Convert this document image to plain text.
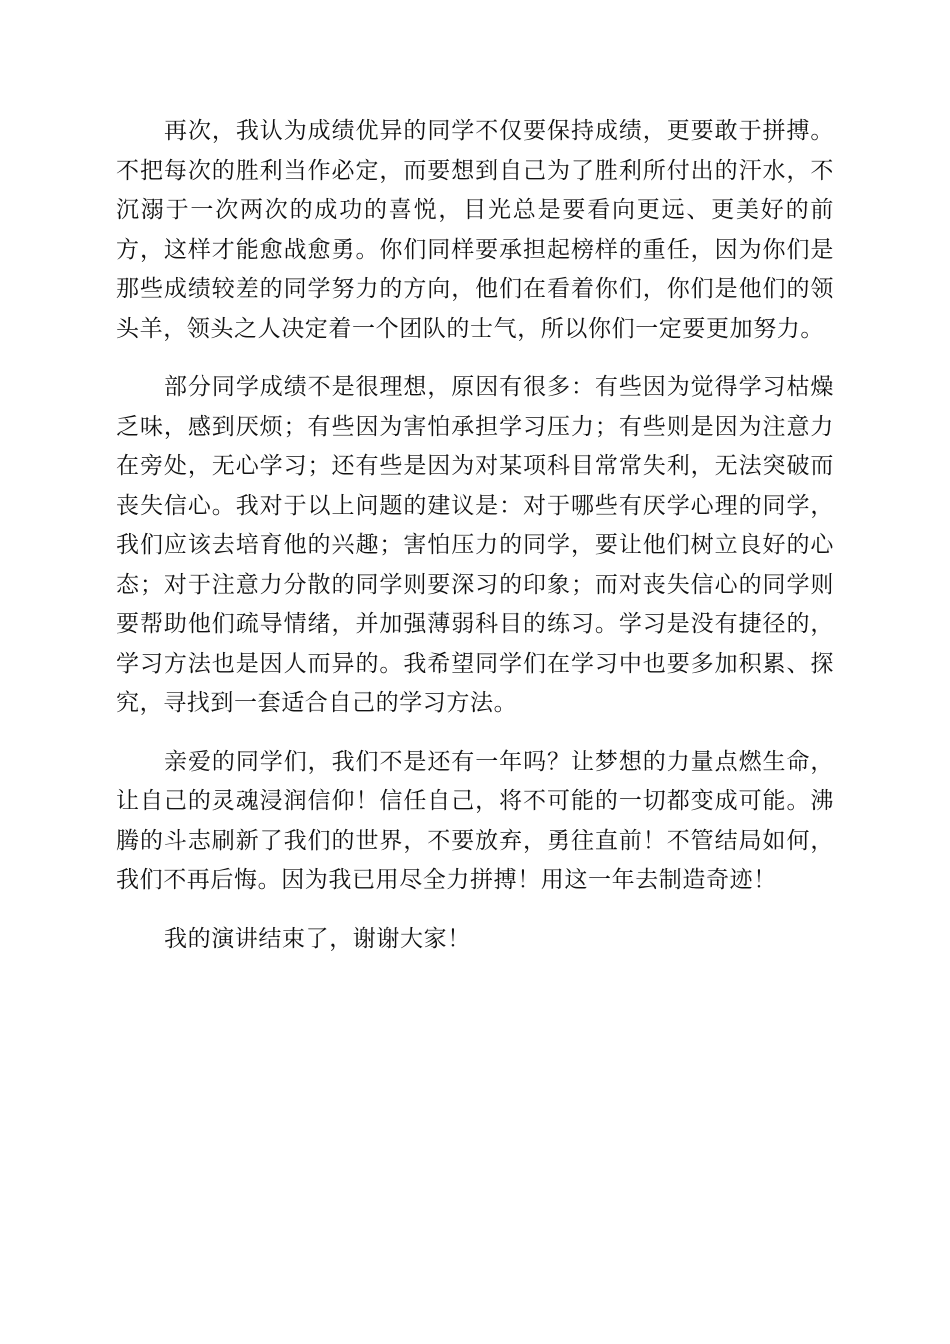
再次，我认为成绩优异的同学不仅要保持成绩，更要敢于拼搏。不把每次的胜利当作必定，而要想到自己为了胜利所付出的汗水，不沉溺于一次两次的成功的喜悦，目光总是要看向更远、更美好的前方，这样才能愈战愈勇。你们同样要承担起榜样的重任，因为你们是那些成绩较差的同学努力的方向，他们在看着你们，你们是他们的领头羊，领头之人决定着一个团队的士气，所以你们一定要更加努力。

部分同学成绩不是很理想，原因有很多：有些因为觉得学习枯燥乏味，感到厌烦；有些因为害怕承担学习压力；有些则是因为注意力在旁处，无心学习；还有些是因为对某项科目常常失利，无法突破而丧失信心。我对于以上问题的建议是：对于哪些有厌学心理的同学，我们应该去培育他的兴趣；害怕压力的同学，要让他们树立良好的心态；对于注意力分散的同学则要深习的印象；而对丧失信心的同学则要帮助他们疏导情绪，并加强薄弱科目的练习。学习是没有捷径的，学习方法也是因人而异的。我希望同学们在学习中也要多加积累、探究，寻找到一套适合自己的学习方法。

亲爱的同学们，我们不是还有一年吗？让梦想的力量点燃生命，让自己的灵魂浸润信仰！信任自己，将不可能的一切都变成可能。沸腾的斗志刷新了我们的世界，不要放弃，勇往直前！不管结局如何，我们不再后悔。因为我已用尽全力拼搏！用这一年去制造奇迹！

我的演讲结束了，谢谢大家！
